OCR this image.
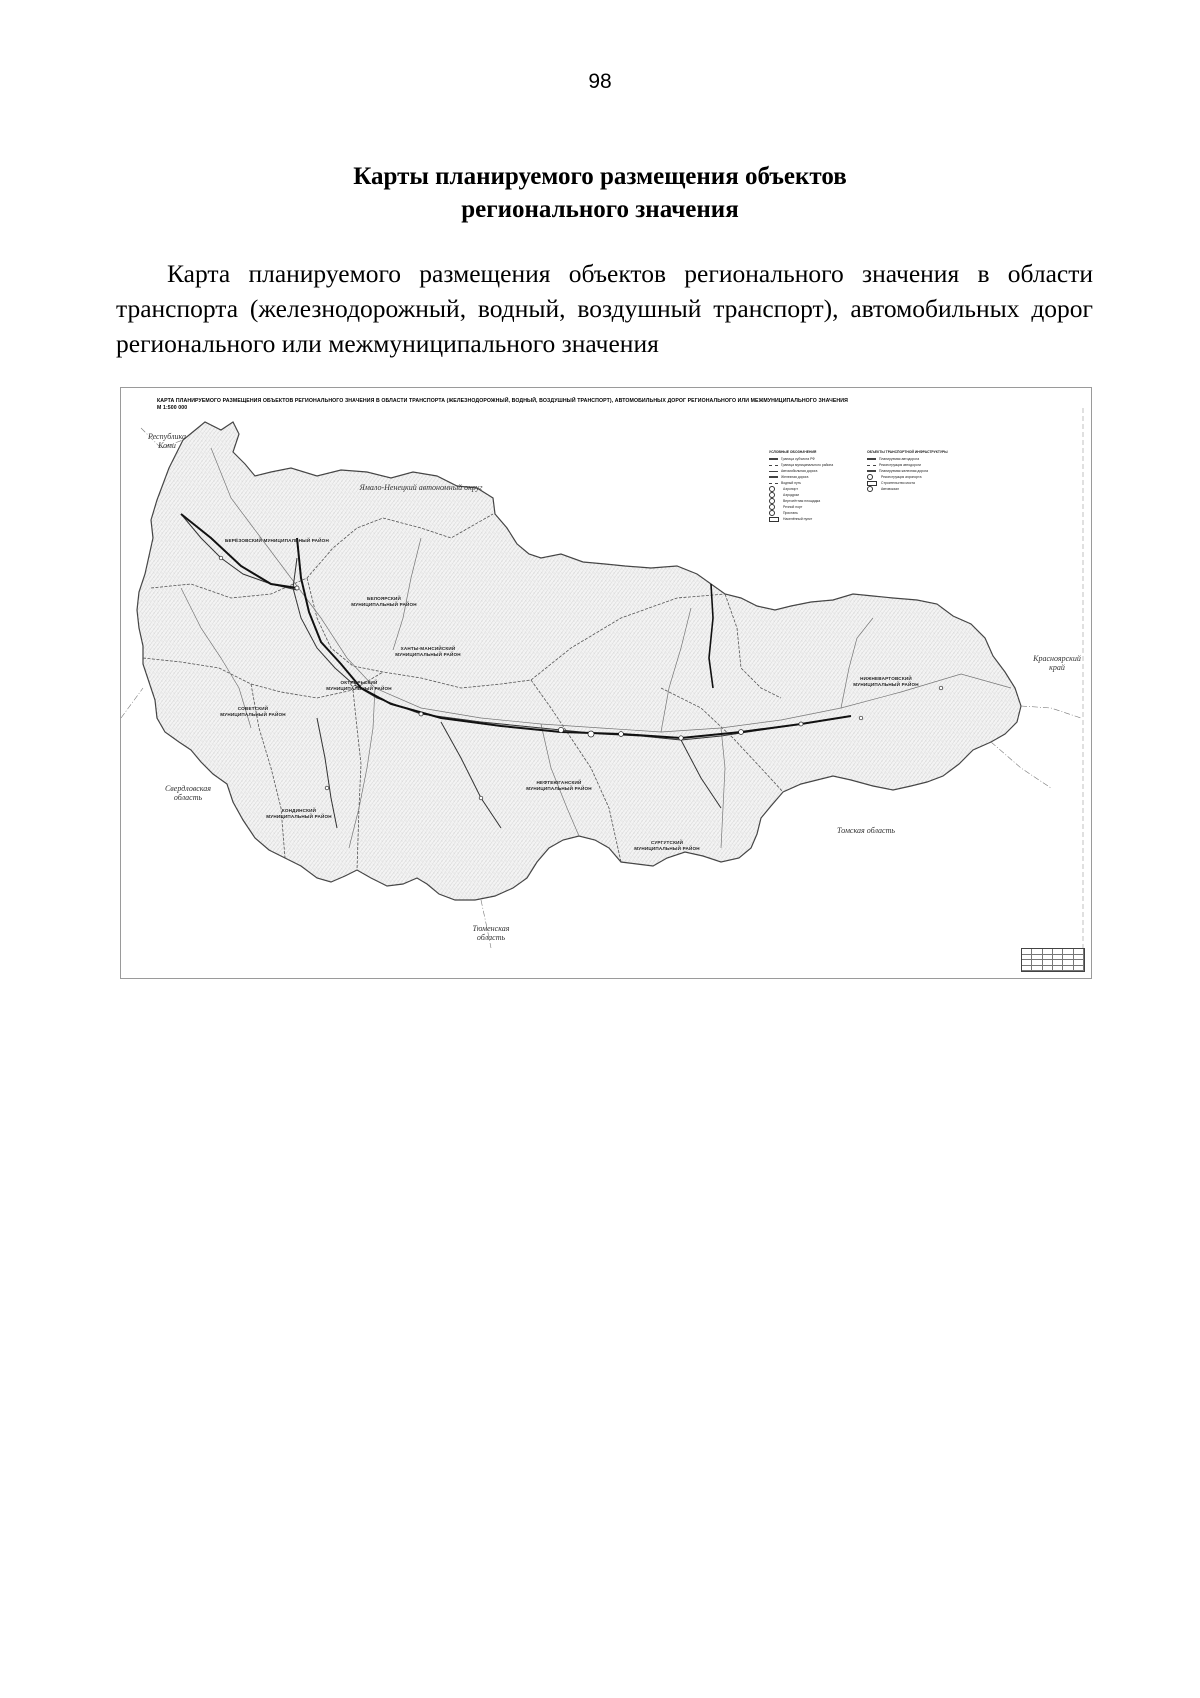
98
Карты планируемого размещения объектов
регионального значения

Карта планируемого размещения объектов регионального значения в области транспорта (железнодорожный, водный, воздушный транспорт), автомобильных дорог регионального или межмуниципального значения

КАРТА ПЛАНИРУЕМОГО РАЗМЕЩЕНИЯ ОБЪЕКТОВ РЕГИОНАЛЬНОГО ЗНАЧЕНИЯ В ОБЛАСТИ ТРАНСПОРТА (ЖЕЛЕЗНОДОРОЖНЫЙ, ВОДНЫЙ, ВОЗДУШНЫЙ ТРАНСПОРТ), АВТОМОБИЛЬНЫХ ДОРОГ РЕГИОНАЛЬНОГО ИЛИ МЕЖМУНИЦИПАЛЬНОГО ЗНАЧЕНИЯ
М 1:500 000
Республика
Коми
Ямало-Ненецкий автономный округ
Красноярский
край
Свердловская
область
Тюменская
область
Томская область
БЕРЁЗОВСКИЙ МУНИЦИПАЛЬНЫЙ РАЙОН
БЕЛОЯРСКИЙ
МУНИЦИПАЛЬНЫЙ РАЙОН
ХАНТЫ-МАНСИЙСКИЙ
МУНИЦИПАЛЬНЫЙ РАЙОН
ОКТЯБРЬСКИЙ
МУНИЦИПАЛЬНЫЙ РАЙОН
СОВЕТСКИЙ
МУНИЦИПАЛЬНЫЙ РАЙОН
КОНДИНСКИЙ
МУНИЦИПАЛЬНЫЙ РАЙОН
НЕФТЕЮГАНСКИЙ
МУНИЦИПАЛЬНЫЙ РАЙОН
СУРГУТСКИЙ
МУНИЦИПАЛЬНЫЙ РАЙОН
НИЖНЕВАРТОВСКИЙ
МУНИЦИПАЛЬНЫЙ РАЙОН
УСЛОВНЫЕ ОБОЗНАЧЕНИЯ
Граница субъекта РФ
Граница муниципального района
Автомобильная дорога
Железная дорога
Водный путь
Аэропорт
Аэродром
Вертолётная площадка
Речной порт
Пристань
Населённый пункт
ОБЪЕКТЫ ТРАНСПОРТНОЙ ИНФРАСТРУКТУРЫ
Планируемая автодорога
Реконструкция автодороги
Планируемая железная дорога
Реконструкция аэропорта
Строительство моста
Автовокзал
